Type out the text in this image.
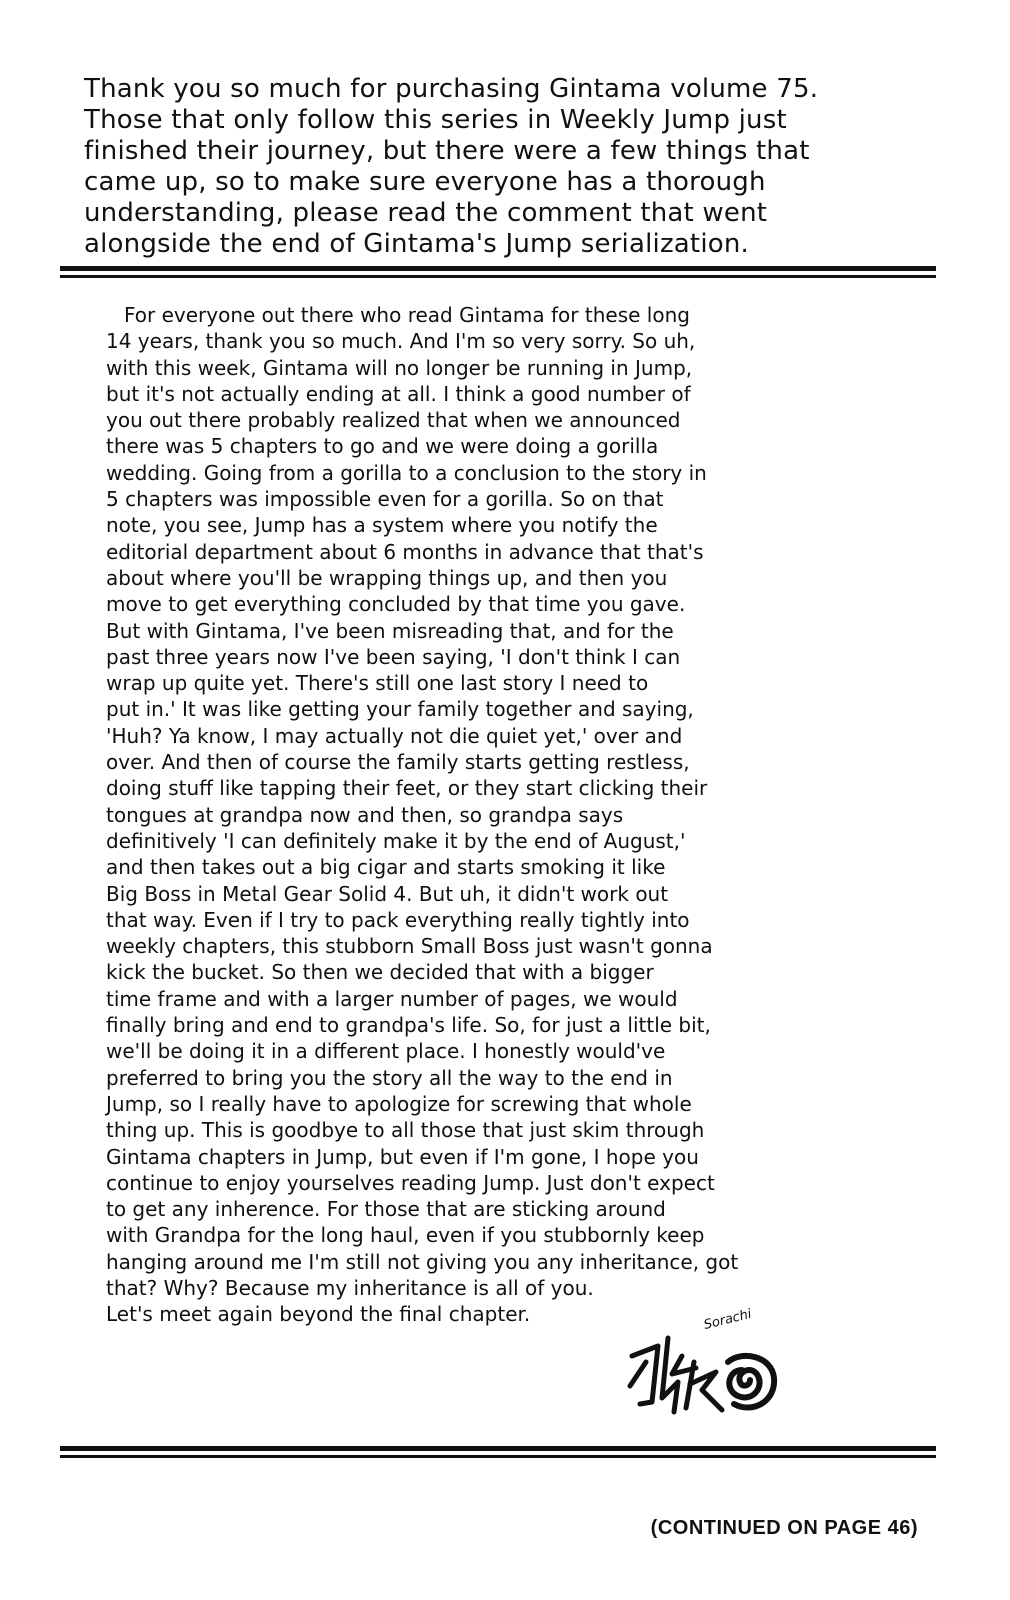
Thank you so much for purchasing Gintama volume 75.
Those that only follow this series in Weekly Jump just
finished their journey, but there were a few things that
came up, so to make sure everyone has a thorough
understanding, please read the comment that went
alongside the end of Gintama's Jump serialization.
For everyone out there who read Gintama for these long
14 years, thank you so much. And I'm so very sorry. So uh,
with this week, Gintama will no longer be running in Jump,
but it's not actually ending at all. I think a good number of
you out there probably realized that when we announced
there was 5 chapters to go and we were doing a gorilla
wedding. Going from a gorilla to a conclusion to the story in
5 chapters was impossible even for a gorilla. So on that
note, you see, Jump has a system where you notify the
editorial department about 6 months in advance that that's
about where you'll be wrapping things up, and then you
move to get everything concluded by that time you gave.
But with Gintama, I've been misreading that, and for the
past three years now I've been saying, 'I don't think I can
wrap up quite yet. There's still one last story I need to
put in.' It was like getting your family together and saying,
'Huh? Ya know, I may actually not die quiet yet,' over and
over. And then of course the family starts getting restless,
doing stuff like tapping their feet, or they start clicking their
tongues at grandpa now and then, so grandpa says
definitively 'I can definitely make it by the end of August,'
and then takes out a big cigar and starts smoking it like
Big Boss in Metal Gear Solid 4. But uh, it didn't work out
that way. Even if I try to pack everything really tightly into
weekly chapters, this stubborn Small Boss just wasn't gonna
kick the bucket. So then we decided that with a bigger
time frame and with a larger number of pages, we would
finally bring and end to grandpa's life. So, for just a little bit,
we'll be doing it in a different place. I honestly would've
preferred to bring you the story all the way to the end in
Jump, so I really have to apologize for screwing that whole
thing up. This is goodbye to all those that just skim through
Gintama chapters in Jump, but even if I'm gone, I hope you
continue to enjoy yourselves reading Jump. Just don't expect
to get any inherence. For those that are sticking around
with Grandpa for the long haul, even if you stubbornly keep
hanging around me I'm still not giving you any inheritance, got
that? Why? Because my inheritance is all of you.
Let's meet again beyond the final chapter.	Sorachi
(CONTINUED ON PAGE 46)
